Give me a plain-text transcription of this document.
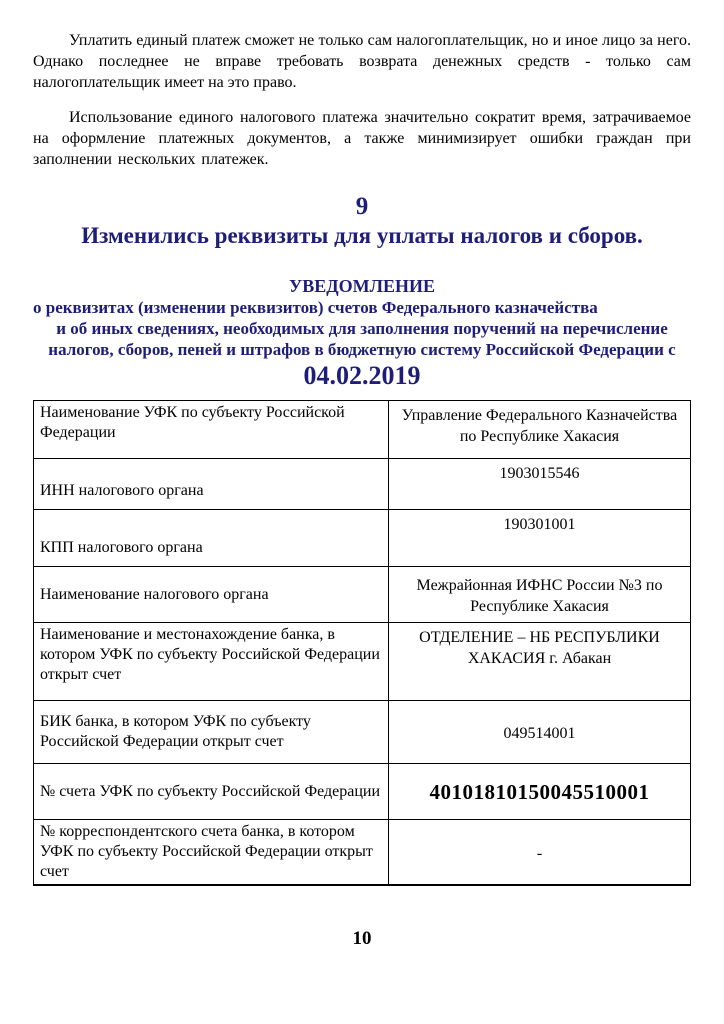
Уплатить единый платеж сможет не только сам налогоплательщик, но и иное лицо за него. Однако последнее не вправе требовать возврата денежных средств - только сам налогоплательщик имеет на это право.

Использование единого налогового платежа значительно сократит время, затрачиваемое на оформление платежных документов, а также минимизирует ошибки граждан при заполнении нескольких платежек.

9
Изменились реквизиты для уплаты налогов и сборов.
УВЕДОМЛЕНИЕ
о реквизитах (изменении реквизитов) счетов Федерального казначейства
и об иных сведениях, необходимых для заполнения поручений на перечисление
налогов, сборов, пеней и штрафов в бюджетную систему Российской Федерации с
04.02.2019
Наименование УФК по субъекту Российской Федерации
Управление Федерального Казначейства по Республике Хакасия
ИНН налогового органа
1903015546
КПП налогового органа
190301001
Наименование налогового органа
Межрайонная ИФНС России №3 по Республике Хакасия
Наименование и местонахождение банка, в котором УФК по субъекту Российской Федерации открыт счет
ОТДЕЛЕНИЕ – НБ РЕСПУБЛИКИ ХАКАСИЯ г. Абакан
БИК банка, в котором УФК по субъекту Российской Федерации открыт счет	049514001
№ счета УФК по субъекту Российской Федерации	40101810150045510001
№ корреспондентского счета банка, в котором УФК по субъекту Российской Федерации открыт счет
-
10
